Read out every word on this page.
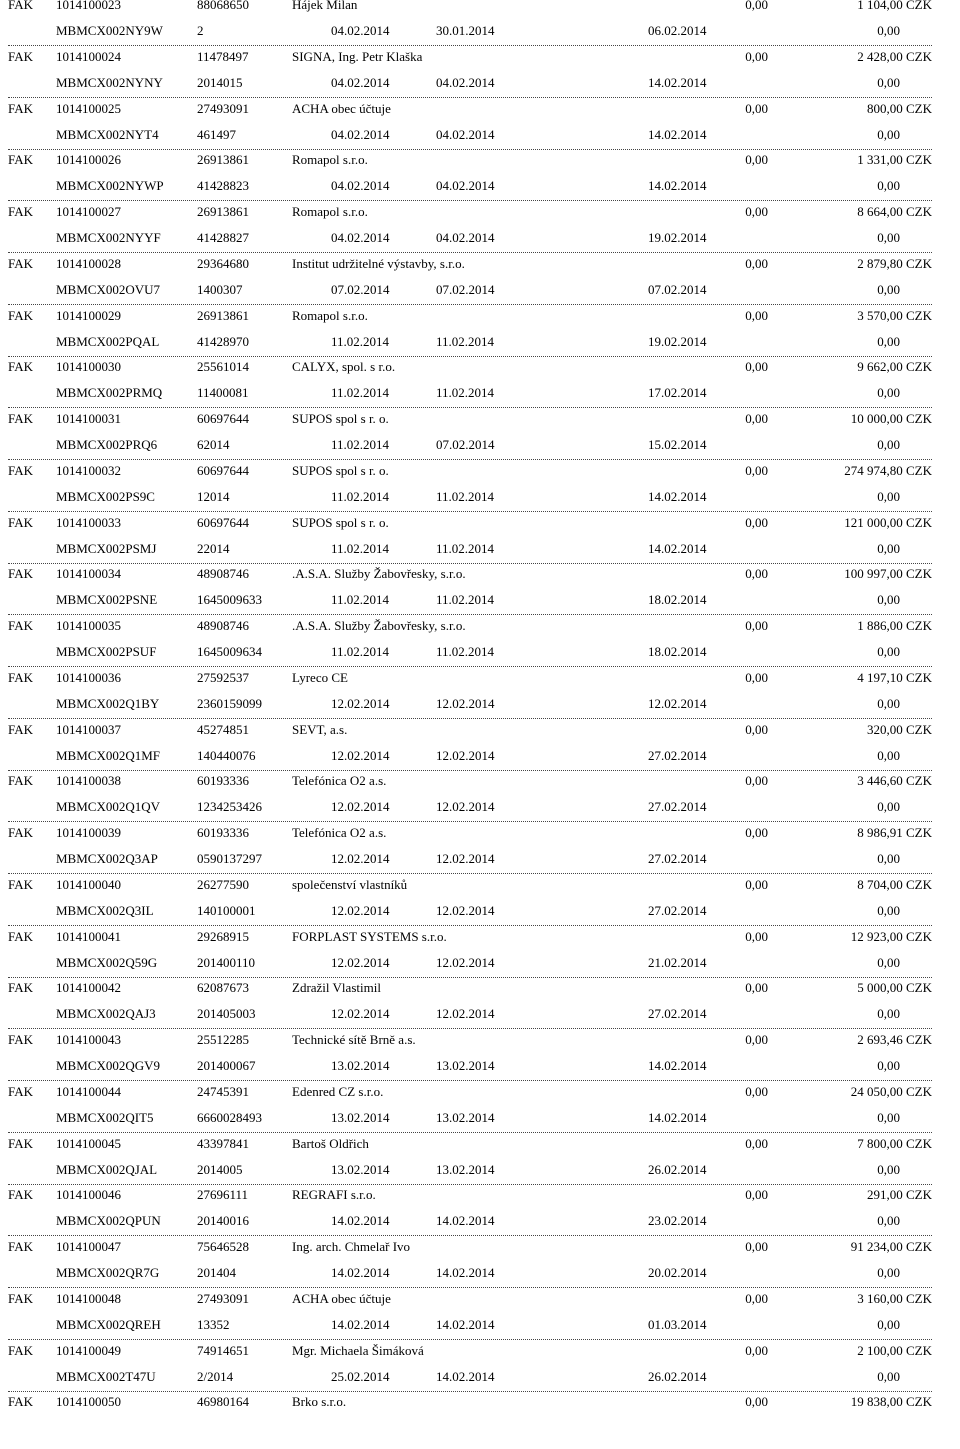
FAK 1014100023	88068650	Hájek Milan	0,00	1 104,00 CZK
MBMCX002NY9W	2	04.02.2014	30.01.2014	06.02.2014	0,00
FAK 1014100024	11478497	SIGNA, Ing. Petr Klaška	0,00	2 428,00 CZK
MBMCX002NYNY	2014015	04.02.2014	04.02.2014	14.02.2014	0,00
FAK 1014100025	27493091	ACHA obec účtuje	0,00	800,00 CZK
MBMCX002NYT4	461497	04.02.2014	04.02.2014	14.02.2014	0,00
FAK 1014100026	26913861	Romapol s.r.o.	0,00	1 331,00 CZK
MBMCX002NYWP	41428823	04.02.2014	04.02.2014	14.02.2014	0,00
FAK 1014100027	26913861	Romapol s.r.o.	0,00	8 664,00 CZK
MBMCX002NYYF	41428827	04.02.2014	04.02.2014	19.02.2014	0,00
FAK 1014100028	29364680	Institut udržitelné výstavby, s.r.o.	0,00	2 879,80 CZK
MBMCX002OVU7	1400307	07.02.2014	07.02.2014	07.02.2014	0,00
FAK 1014100029	26913861	Romapol s.r.o.	0,00	3 570,00 CZK
MBMCX002PQAL	41428970	11.02.2014	11.02.2014	19.02.2014	0,00
FAK 1014100030	25561014	CALYX, spol. s r.o.	0,00	9 662,00 CZK
MBMCX002PRMQ	11400081	11.02.2014	11.02.2014	17.02.2014	0,00
FAK 1014100031	60697644	SUPOS spol s r. o.	0,00	10 000,00 CZK
MBMCX002PRQ6	62014	11.02.2014	07.02.2014	15.02.2014	0,00
FAK 1014100032	60697644	SUPOS spol s r. o.	0,00	274 974,80 CZK
MBMCX002PS9C	12014	11.02.2014	11.02.2014	14.02.2014	0,00
FAK 1014100033	60697644	SUPOS spol s r. o.	0,00	121 000,00 CZK
MBMCX002PSMJ	22014	11.02.2014	11.02.2014	14.02.2014	0,00
FAK 1014100034	48908746	.A.S.A. Služby Žabovřesky, s.r.o.	0,00	100 997,00 CZK
MBMCX002PSNE	1645009633	11.02.2014	11.02.2014	18.02.2014	0,00
FAK 1014100035	48908746	.A.S.A. Služby Žabovřesky, s.r.o.	0,00	1 886,00 CZK
MBMCX002PSUF	1645009634	11.02.2014	11.02.2014	18.02.2014	0,00
FAK 1014100036	27592537	Lyreco CE	0,00	4 197,10 CZK
MBMCX002Q1BY	2360159099	12.02.2014	12.02.2014	12.02.2014	0,00
FAK 1014100037	45274851	SEVT, a.s.	0,00	320,00 CZK
MBMCX002Q1MF	140440076	12.02.2014	12.02.2014	27.02.2014	0,00
FAK 1014100038	60193336	Telefónica O2 a.s.	0,00	3 446,60 CZK
MBMCX002Q1QV	1234253426	12.02.2014	12.02.2014	27.02.2014	0,00
FAK 1014100039	60193336	Telefónica O2 a.s.	0,00	8 986,91 CZK
MBMCX002Q3AP	0590137297	12.02.2014	12.02.2014	27.02.2014	0,00
FAK 1014100040	26277590	společenství vlastníků	0,00	8 704,00 CZK
MBMCX002Q3IL	140100001	12.02.2014	12.02.2014	27.02.2014	0,00
FAK 1014100041	29268915	FORPLAST SYSTEMS s.r.o.	0,00	12 923,00 CZK
MBMCX002Q59G	201400110	12.02.2014	12.02.2014	21.02.2014	0,00
FAK 1014100042	62087673	Zdražil Vlastimil	0,00	5 000,00 CZK
MBMCX002QAJ3	201405003	12.02.2014	12.02.2014	27.02.2014	0,00
FAK 1014100043	25512285	Technické sítě Brně a.s.	0,00	2 693,46 CZK
MBMCX002QGV9	201400067	13.02.2014	13.02.2014	14.02.2014	0,00
FAK 1014100044	24745391	Edenred CZ s.r.o.	0,00	24 050,00 CZK
MBMCX002QIT5	6660028493	13.02.2014	13.02.2014	14.02.2014	0,00
FAK 1014100045	43397841	Bartoš Oldřich	0,00	7 800,00 CZK
MBMCX002QJAL	2014005	13.02.2014	13.02.2014	26.02.2014	0,00
FAK 1014100046	27696111	REGRAFI s.r.o.	0,00	291,00 CZK
MBMCX002QPUN	20140016	14.02.2014	14.02.2014	23.02.2014	0,00
FAK 1014100047	75646528	Ing. arch. Chmelař Ivo	0,00	91 234,00 CZK
MBMCX002QR7G	201404	14.02.2014	14.02.2014	20.02.2014	0,00
FAK 1014100048	27493091	ACHA obec účtuje	0,00	3 160,00 CZK
MBMCX002QREH	13352	14.02.2014	14.02.2014	01.03.2014	0,00
FAK 1014100049	74914651	Mgr. Michaela Šimáková	0,00	2 100,00 CZK
MBMCX002T47U	2/2014	25.02.2014	14.02.2014	26.02.2014	0,00
FAK 1014100050	46980164	Brko s.r.o.	0,00	19 838,00 CZK
